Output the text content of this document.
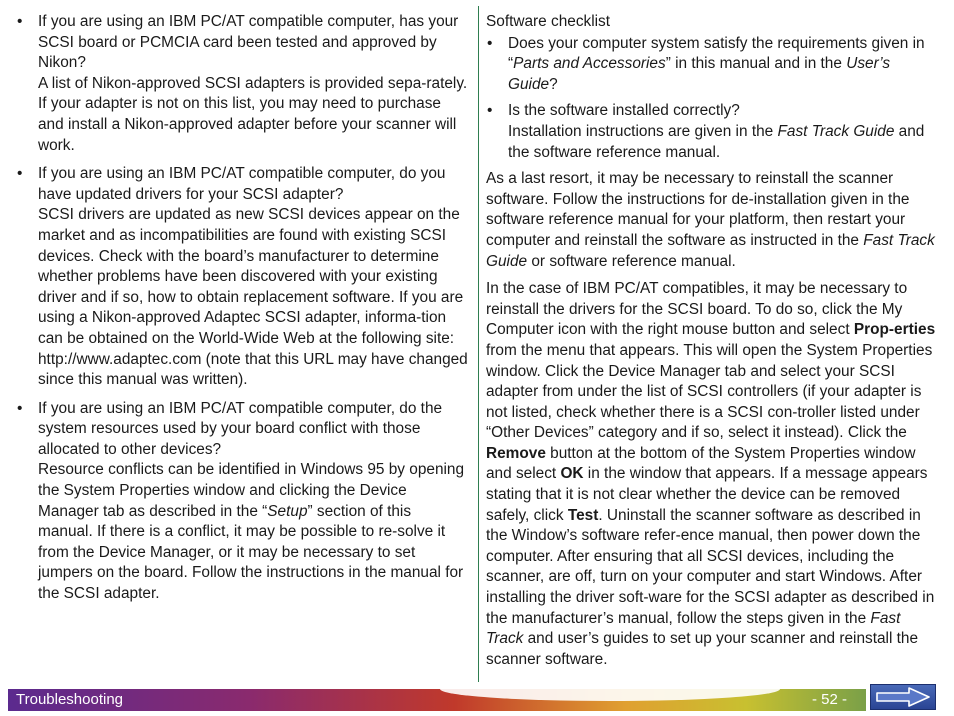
• If you are using an IBM PC/AT compatible computer, has your SCSI board or PCMCIA card been tested and approved by Nikon?
A list of Nikon-approved SCSI adapters is provided sepa-rately. If your adapter is not on this list, you may need to purchase and install a Nikon-approved adapter before your scanner will work.
• If you are using an IBM PC/AT compatible computer, do you have updated drivers for your SCSI adapter?
SCSI drivers are updated as new SCSI devices appear on the market and as incompatibilities are found with existing SCSI devices. Check with the board’s manufacturer to determine whether problems have been discovered with your existing driver and if so, how to obtain replacement software. If you are using a Nikon-approved Adaptec SCSI adapter, informa-tion can be obtained on the World-Wide Web at the following site: http://www.adaptec.com (note that this URL may have changed since this manual was written).
• If you are using an IBM PC/AT compatible computer, do the system resources used by your board conflict with those allocated to other devices?
Resource conflicts can be identified in Windows 95 by opening the System Properties window and clicking the Device Manager tab as described in the “Setup” section of this manual. If there is a conflict, it may be possible to re-solve it from the Device Manager, or it may be necessary to set jumpers on the board. Follow the instructions in the manual for the SCSI adapter.

Software checklist

• Does your computer system satisfy the requirements given in “Parts and Accessories” in this manual and in the User’s Guide?
• Is the software installed correctly?
Installation instructions are given in the Fast Track Guide and the software reference manual.

As a last resort, it may be necessary to reinstall the scanner software. Follow the instructions for de-installation given in the software reference manual for your platform, then restart your computer and reinstall the software as instructed in the Fast Track Guide or software reference manual.

In the case of IBM PC/AT compatibles, it may be necessary to reinstall the drivers for the SCSI board. To do so, click the My Computer icon with the right mouse button and select Prop-erties from the menu that appears. This will open the System Properties window. Click the Device Manager tab and select your SCSI adapter from under the list of SCSI controllers (if your adapter is not listed, check whether there is a SCSI con-troller listed under “Other Devices” category and if so, select it instead). Click the Remove button at the bottom of the System Properties window and select OK in the window that appears. If a message appears stating that it is not clear whether the device can be removed safely, click Test. Uninstall the scanner software as described in the Window’s software refer-ence manual, then power down the computer. After ensuring that all SCSI devices, including the scanner, are off, turn on your computer and start Windows. After installing the driver soft-ware for the SCSI adapter as described in the manufacturer’s manual, follow the steps given in the Fast Track and user’s guides to set up your scanner and reinstall the scanner software.

Troubleshooting	- 52 -
